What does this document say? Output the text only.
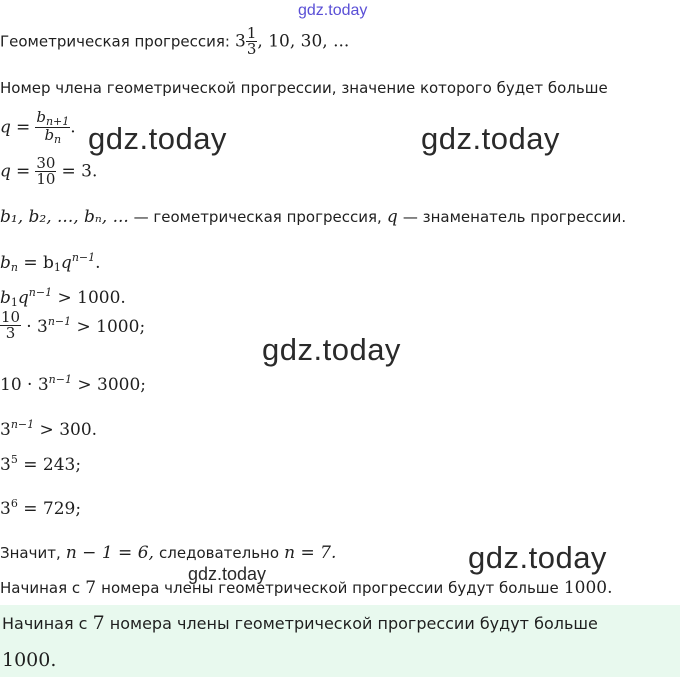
gdz.today
Геометрическая прогрессия: $3 \frac{1}{3}$ , 10, 30, ...
Номер члена геометрической прогрессии, значение которого будет больше
$q = \frac{b_{n+1}}{b_n}$ . gdz.today	gdz.today
$q = \frac{30}{10} = 3$.
b₁, b₂, ..., bₙ, ... — геометрическая прогрессия, q — знаменатель прогрессии.
$b_n = b_1q^{n-1}$.
$b_1q^{n-1} > 1000$.
$\frac{10}{3} \cdot 3^{n-1} > 1000$;
gdz.today
$10 \cdot 3^{n-1} > 3000$;
$3^{n-1} > 300$.
$3^5 = 243$;
$3^6 = 729$;
Значит, n − 1 = 6, следовательно n = 7.	gdz.today
gdz.today
Начиная с 7 номера члены геометрической прогрессии будут больше 1000.
Начиная с 7 номера члены геометрической прогрессии будут больше
1000.
